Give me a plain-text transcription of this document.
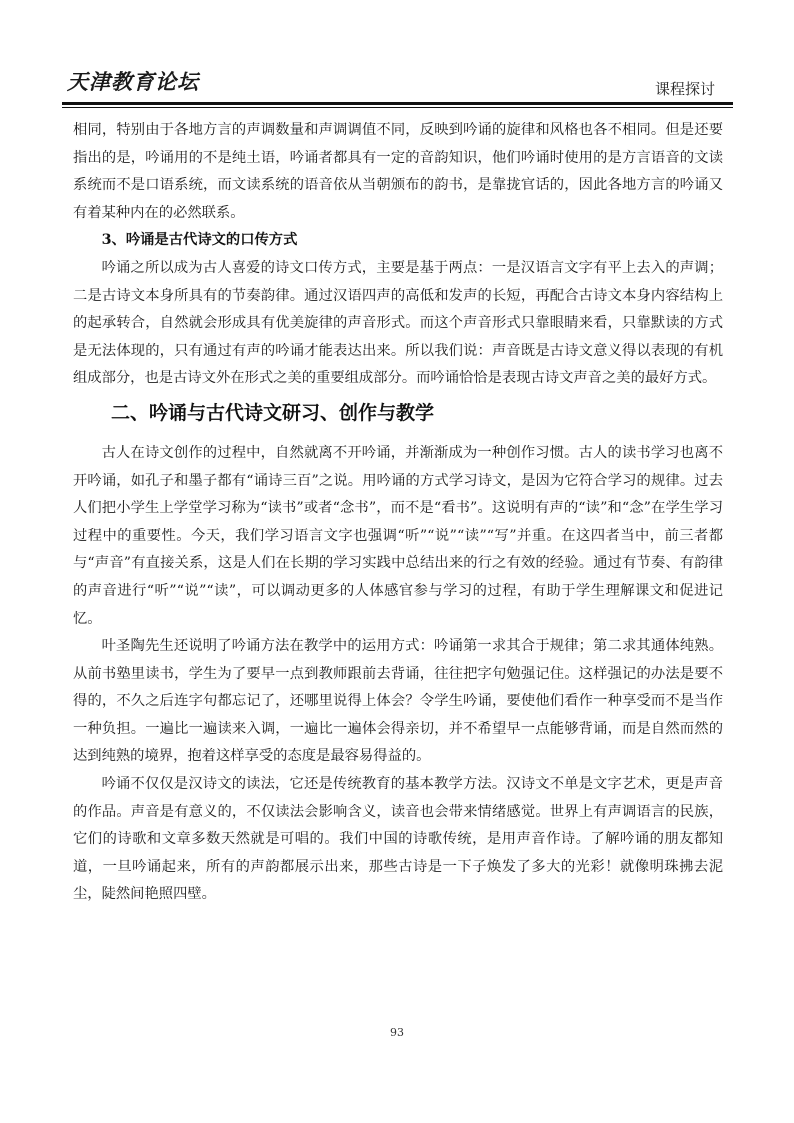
天津教育论坛	课程探讨

相同，特别由于各地方言的声调数量和声调调值不同，反映到吟诵的旋律和风格也各不相同。但是还要指出的是，吟诵用的不是纯土语，吟诵者都具有一定的音韵知识，他们吟诵时使用的是方言语音的文读系统而不是口语系统，而文读系统的语音依从当朝颁布的韵书，是靠拢官话的，因此各地方言的吟诵又有着某种内在的必然联系。

3、吟诵是古代诗文的口传方式

吟诵之所以成为古人喜爱的诗文口传方式，主要是基于两点：一是汉语言文字有平上去入的声调；二是古诗文本身所具有的节奏韵律。通过汉语四声的高低和发声的长短，再配合古诗文本身内容结构上的起承转合，自然就会形成具有优美旋律的声音形式。而这个声音形式只靠眼睛来看，只靠默读的方式是无法体现的，只有通过有声的吟诵才能表达出来。所以我们说：声音既是古诗文意义得以表现的有机组成部分，也是古诗文外在形式之美的重要组成部分。而吟诵恰恰是表现古诗文声音之美的最好方式。

二、吟诵与古代诗文研习、创作与教学

古人在诗文创作的过程中，自然就离不开吟诵，并渐渐成为一种创作习惯。古人的读书学习也离不开吟诵，如孔子和墨子都有“诵诗三百”之说。用吟诵的方式学习诗文，是因为它符合学习的规律。过去人们把小学生上学堂学习称为“读书”或者“念书”，而不是“看书”。这说明有声的“读”和“念”在学生学习过程中的重要性。今天，我们学习语言文字也强调“听”“说”“读”“写”并重。在这四者当中，前三者都与“声音”有直接关系，这是人们在长期的学习实践中总结出来的行之有效的经验。通过有节奏、有韵律的声音进行“听”“说”“读”，可以调动更多的人体感官参与学习的过程，有助于学生理解课文和促进记忆。

叶圣陶先生还说明了吟诵方法在教学中的运用方式：吟诵第一求其合于规律；第二求其通体纯熟。从前书塾里读书，学生为了要早一点到教师跟前去背诵，往往把字句勉强记住。这样强记的办法是要不得的，不久之后连字句都忘记了，还哪里说得上体会？令学生吟诵，要使他们看作一种享受而不是当作一种负担。一遍比一遍读来入调，一遍比一遍体会得亲切，并不希望早一点能够背诵，而是自然而然的达到纯熟的境界，抱着这样享受的态度是最容易得益的。

吟诵不仅仅是汉诗文的读法，它还是传统教育的基本教学方法。汉诗文不单是文字艺术，更是声音的作品。声音是有意义的，不仅读法会影响含义，读音也会带来情绪感觉。世界上有声调语言的民族，它们的诗歌和文章多数天然就是可唱的。我们中国的诗歌传统，是用声音作诗。了解吟诵的朋友都知道，一旦吟诵起来，所有的声韵都展示出来，那些古诗是一下子焕发了多大的光彩！就像明珠拂去泥尘，陡然间艳照四壁。

93
